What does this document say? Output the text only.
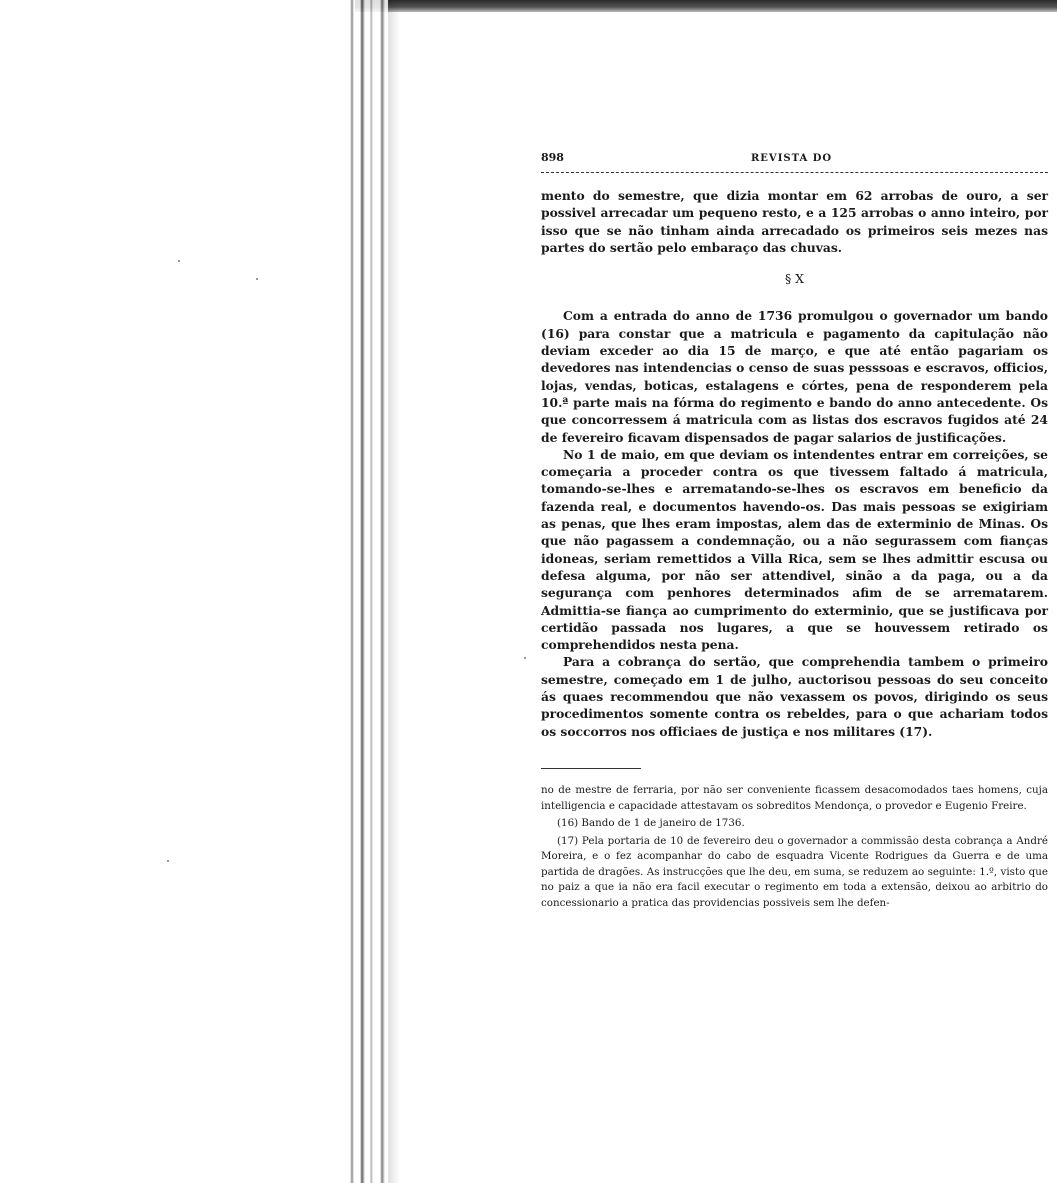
898	REVISTA DO

mento do semestre, que dizia montar em 62 arrobas de ouro, a ser possivel arrecadar um pequeno resto, e a 125 arrobas o anno inteiro, por isso que se não tinham ainda arrecadado os primeiros seis mezes nas partes do sertão pelo embaraço das chuvas.

§ X

Com a entrada do anno de 1736 promulgou o governador um bando (16) para constar que a matricula e pagamento da capitulação não deviam exceder ao dia 15 de março, e que até então pagariam os devedores nas intendencias o censo de suas pesssoas e escravos, officios, lojas, vendas, boticas, estalagens e córtes, pena de responderem pela 10.ª parte mais na fórma do regimento e bando do anno antecedente. Os que concorressem á matricula com as listas dos escravos fugidos até 24 de fevereiro ficavam dispensados de pagar salarios de justificações.

No 1 de maio, em que deviam os intendentes entrar em correições, se começaria a proceder contra os que tivessem faltado á matricula, tomando-se-lhes e arrematando-se-lhes os escravos em beneficio da fazenda real, e documentos havendo-os. Das mais pessoas se exigiriam as penas, que lhes eram impostas, alem das de exterminio de Minas. Os que não pagassem a condemnação, ou a não segurassem com fianças idoneas, seriam remettidos a Villa Rica, sem se lhes admittir escusa ou defesa alguma, por não ser attendivel, sinão a da paga, ou a da segurança com penhores determinados afim de se arrematarem. Admittia-se fiança ao cumprimento do exterminio, que se justificava por certidão passada nos lugares, a que se houvessem retirado os comprehendidos nesta pena.

Para a cobrança do sertão, que comprehendia tambem o primeiro semestre, começado em 1 de julho, auctorisou pessoas do seu conceito ás quaes recommendou que não vexassem os povos, dirigindo os seus procedimentos somente contra os rebeldes, para o que achariam todos os soccorros nos officiaes de justiça e nos militares (17).

no de mestre de ferraria, por não ser conveniente ficassem desacomodados taes homens, cuja intelligencia e capacidade attestavam os sobreditos Mendonça, o provedor e Eugenio Freire.

(16) Bando de 1 de janeiro de 1736.

(17) Pela portaria de 10 de fevereiro deu o governador a commissão desta cobrança a André Moreira, e o fez acompanhar do cabo de esquadra Vicente Rodrigues da Guerra e de uma partida de dragões. As instrucções que lhe deu, em suma, se reduzem ao seguinte: 1.º, visto que no paiz a que ia não era facil executar o regimento em toda a extensão, deixou ao arbitrio do concessionario a pratica das providencias possiveis sem lhe defen-
